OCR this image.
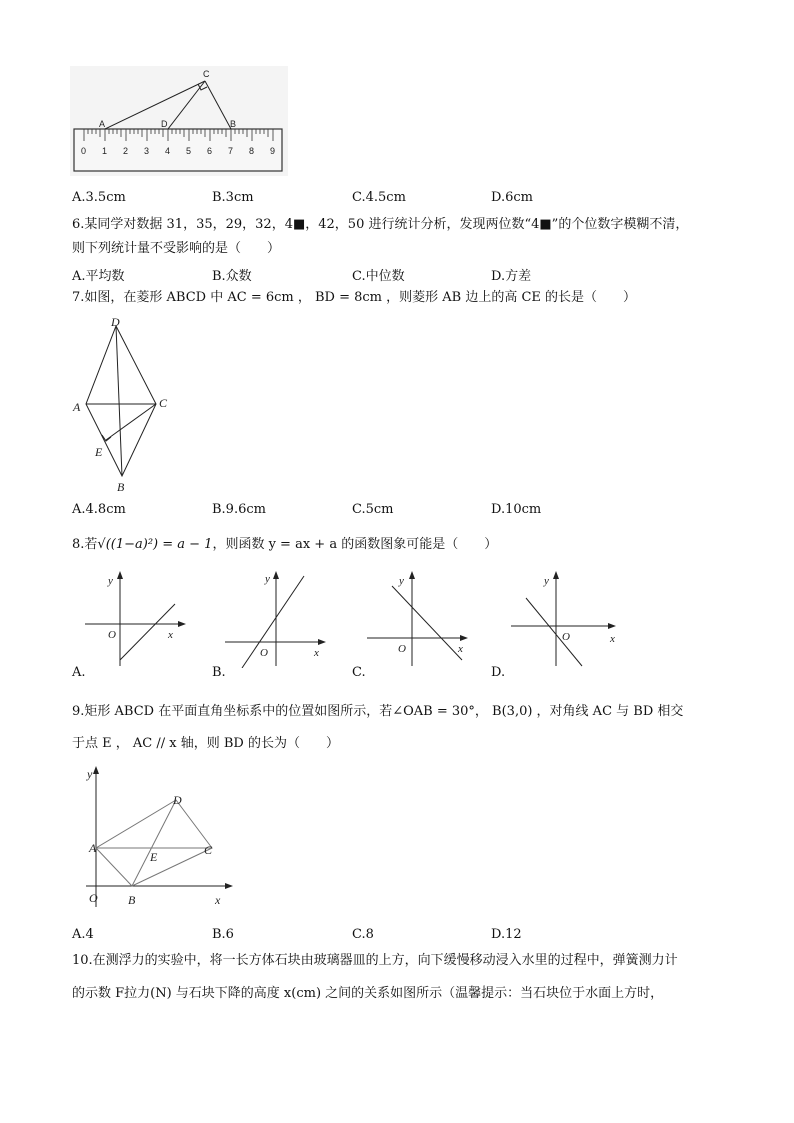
0 1 2 3 4 5 6 7 8 9
A	D
C
B
A.3.5cm	B.3cm	C.4.5cm	D.6cm
6.某同学对数据 31，35，29，32，4■，42，50 进行统计分析，发现两位数“4■”的个位数字模糊不清，
则下列统计量不受影响的是（　　）
A.平均数	B.众数	C.中位数	D.方差
7.如图，在菱形 ABCD 中 AC = 6cm ， BD = 8cm ，则菱形 AB 边上的高 CE 的长是（　　）
D
A	C
E
B
A.4.8cm	B.9.6cm	C.5cm	D.10cm
8.若√((1−a)²) = a − 1，则函数 y = ax + a 的函数图象可能是（　　）
y
x
O
y
x
O
y
x
O
y
x
O
A.	B.	C.	D.
9.矩形 ABCD 在平面直角坐标系中的位置如图所示，若∠OAB = 30°， B(3,0) ，对角线 AC 与 BD 相交
于点 E ， AC // x 轴，则 BD 的长为（　　）
y
D
A
E	C
O	B	x
A.4	B.6	C.8	D.12
10.在测浮力的实验中，将一长方体石块由玻璃器皿的上方，向下缓慢移动浸入水里的过程中，弹簧测力计
的示数 F拉力(N) 与石块下降的高度 x(cm) 之间的关系如图所示（温馨提示：当石块位于水面上方时，
